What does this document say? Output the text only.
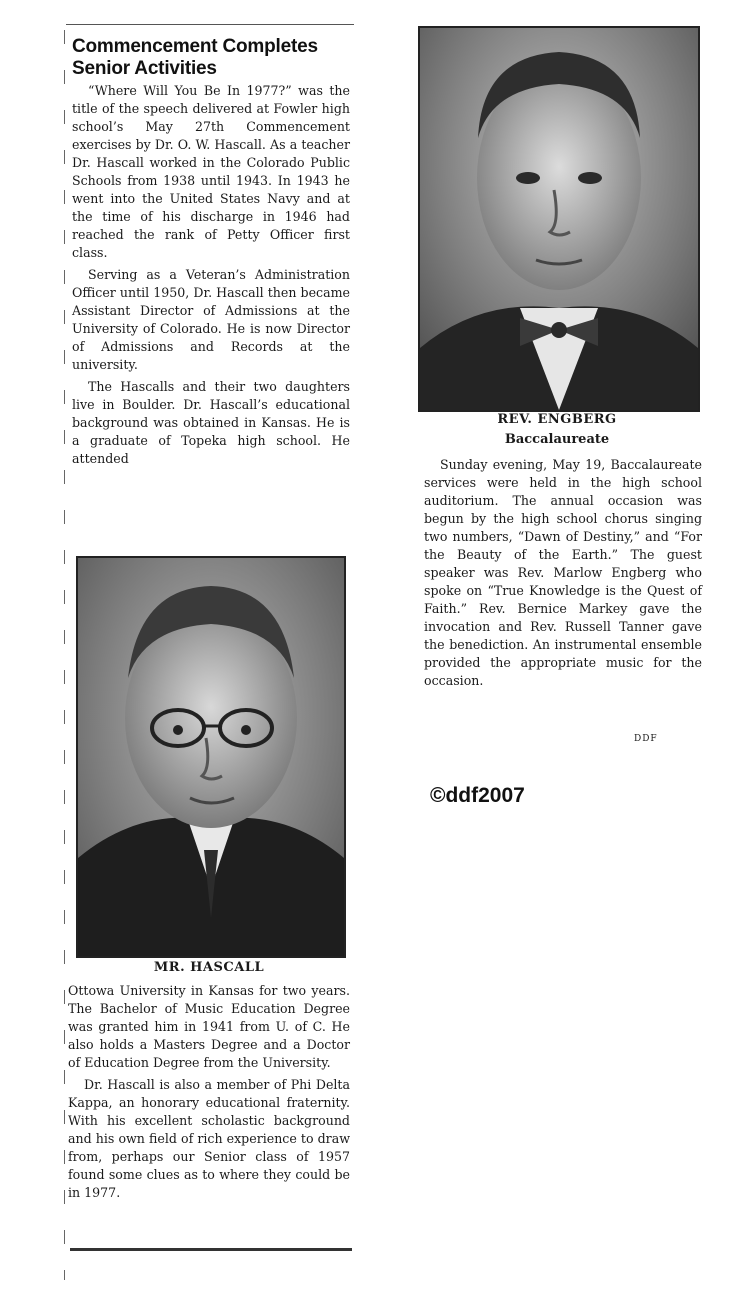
Commencement Completes Senior Activities

“Where Will You Be In 1977?” was the title of the speech delivered at Fowler high school’s May 27th Commencement exercises by Dr. O. W. Hascall. As a teacher Dr. Hascall worked in the Colorado Public Schools from 1938 until 1943. In 1943 he went into the United States Navy and at the time of his discharge in 1946 had reached the rank of Petty Officer first class.

Serving as a Veteran’s Administration Officer until 1950, Dr. Hascall then became Assistant Director of Admissions at the University of Colorado. He is now Director of Admissions and Records at the university.

The Hascalls and their two daughters live in Boulder. Dr. Hascall’s educational background was obtained in Kansas. He is a graduate of Topeka high school. He attended

MR. HASCALL

Ottowa University in Kansas for two years. The Bachelor of Music Education Degree was granted him in 1941 from U. of C. He also holds a Masters Degree and a Doctor of Education Degree from the University.

Dr. Hascall is also a member of Phi Delta Kappa, an honorary educational fraternity. With his excellent scholastic background and his own field of rich experience to draw from, perhaps our Senior class of 1957 found some clues as to where they could be in 1977.

REV. ENGBERG

Baccalaureate

Sunday evening, May 19, Baccalaureate services were held in the high school auditorium. The annual occasion was begun by the high school chorus singing two numbers, “Dawn of Destiny,” and “For the Beauty of the Earth.” The guest speaker was Rev. Marlow Engberg who spoke on “True Knowledge is the Quest of Faith.” Rev. Bernice Markey gave the invocation and Rev. Russell Tanner gave the benediction. An instrumental ensemble provided the appropriate music for the occasion.

DDF
©ddf2007
